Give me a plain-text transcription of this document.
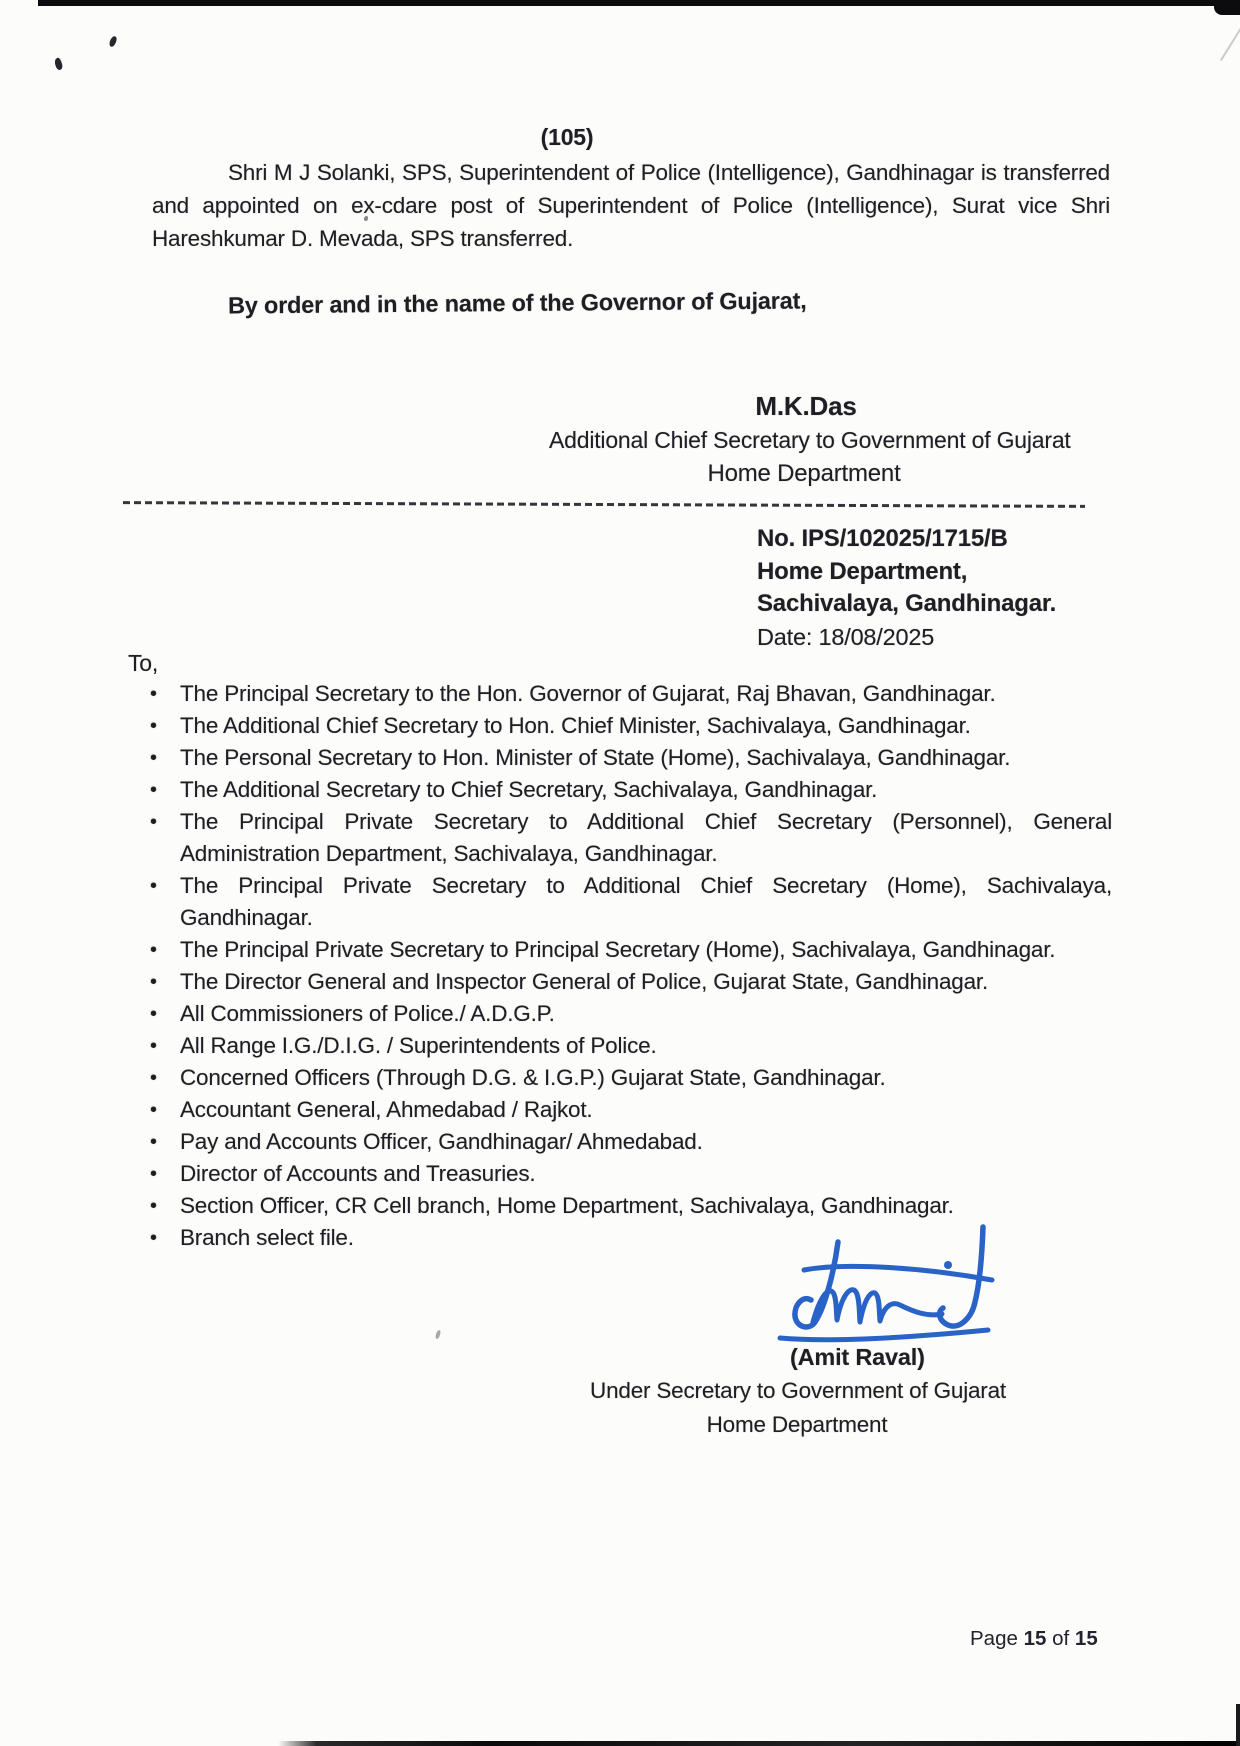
(105)
Shri M J Solanki, SPS, Superintendent of Police (Intelligence), Gandhinagar is transferred and appointed on ex-cdare post of Superintendent of Police (Intelligence), Surat vice Shri Hareshkumar D. Mevada, SPS transferred.
By order and in the name of the Governor of Gujarat,
M.K.Das
Additional Chief Secretary to Government of Gujarat
Home Department
No. IPS/102025/1715/B
Home Department,
Sachivalaya, Gandhinagar.
Date: 18/08/2025
To,
•	The Principal Secretary to the Hon. Governor of Gujarat, Raj Bhavan, Gandhinagar.
•	The Additional Chief Secretary to Hon. Chief Minister, Sachivalaya, Gandhinagar.
•	The Personal Secretary to Hon. Minister of State (Home), Sachivalaya, Gandhinagar.
•	The Additional Secretary to Chief Secretary, Sachivalaya, Gandhinagar.
•	The Principal Private Secretary to Additional Chief Secretary (Personnel), General Administration Department, Sachivalaya, Gandhinagar.
•	The Principal Private Secretary to Additional Chief Secretary (Home), Sachivalaya, Gandhinagar.
•	The Principal Private Secretary to Principal Secretary (Home), Sachivalaya, Gandhinagar.
•	The Director General and Inspector General of Police, Gujarat State, Gandhinagar.
•	All Commissioners of Police./ A.D.G.P.
•	All Range I.G./D.I.G. / Superintendents of Police.
•	Concerned Officers (Through D.G. & I.G.P.) Gujarat State, Gandhinagar.
•	Accountant General, Ahmedabad / Rajkot.
•	Pay and Accounts Officer, Gandhinagar/ Ahmedabad.
•	Director of Accounts and Treasuries.
•	Section Officer, CR Cell branch, Home Department, Sachivalaya, Gandhinagar.
•	Branch select file.
(Amit Raval)
Under Secretary to Government of Gujarat
Home Department
Page 15 of 15
